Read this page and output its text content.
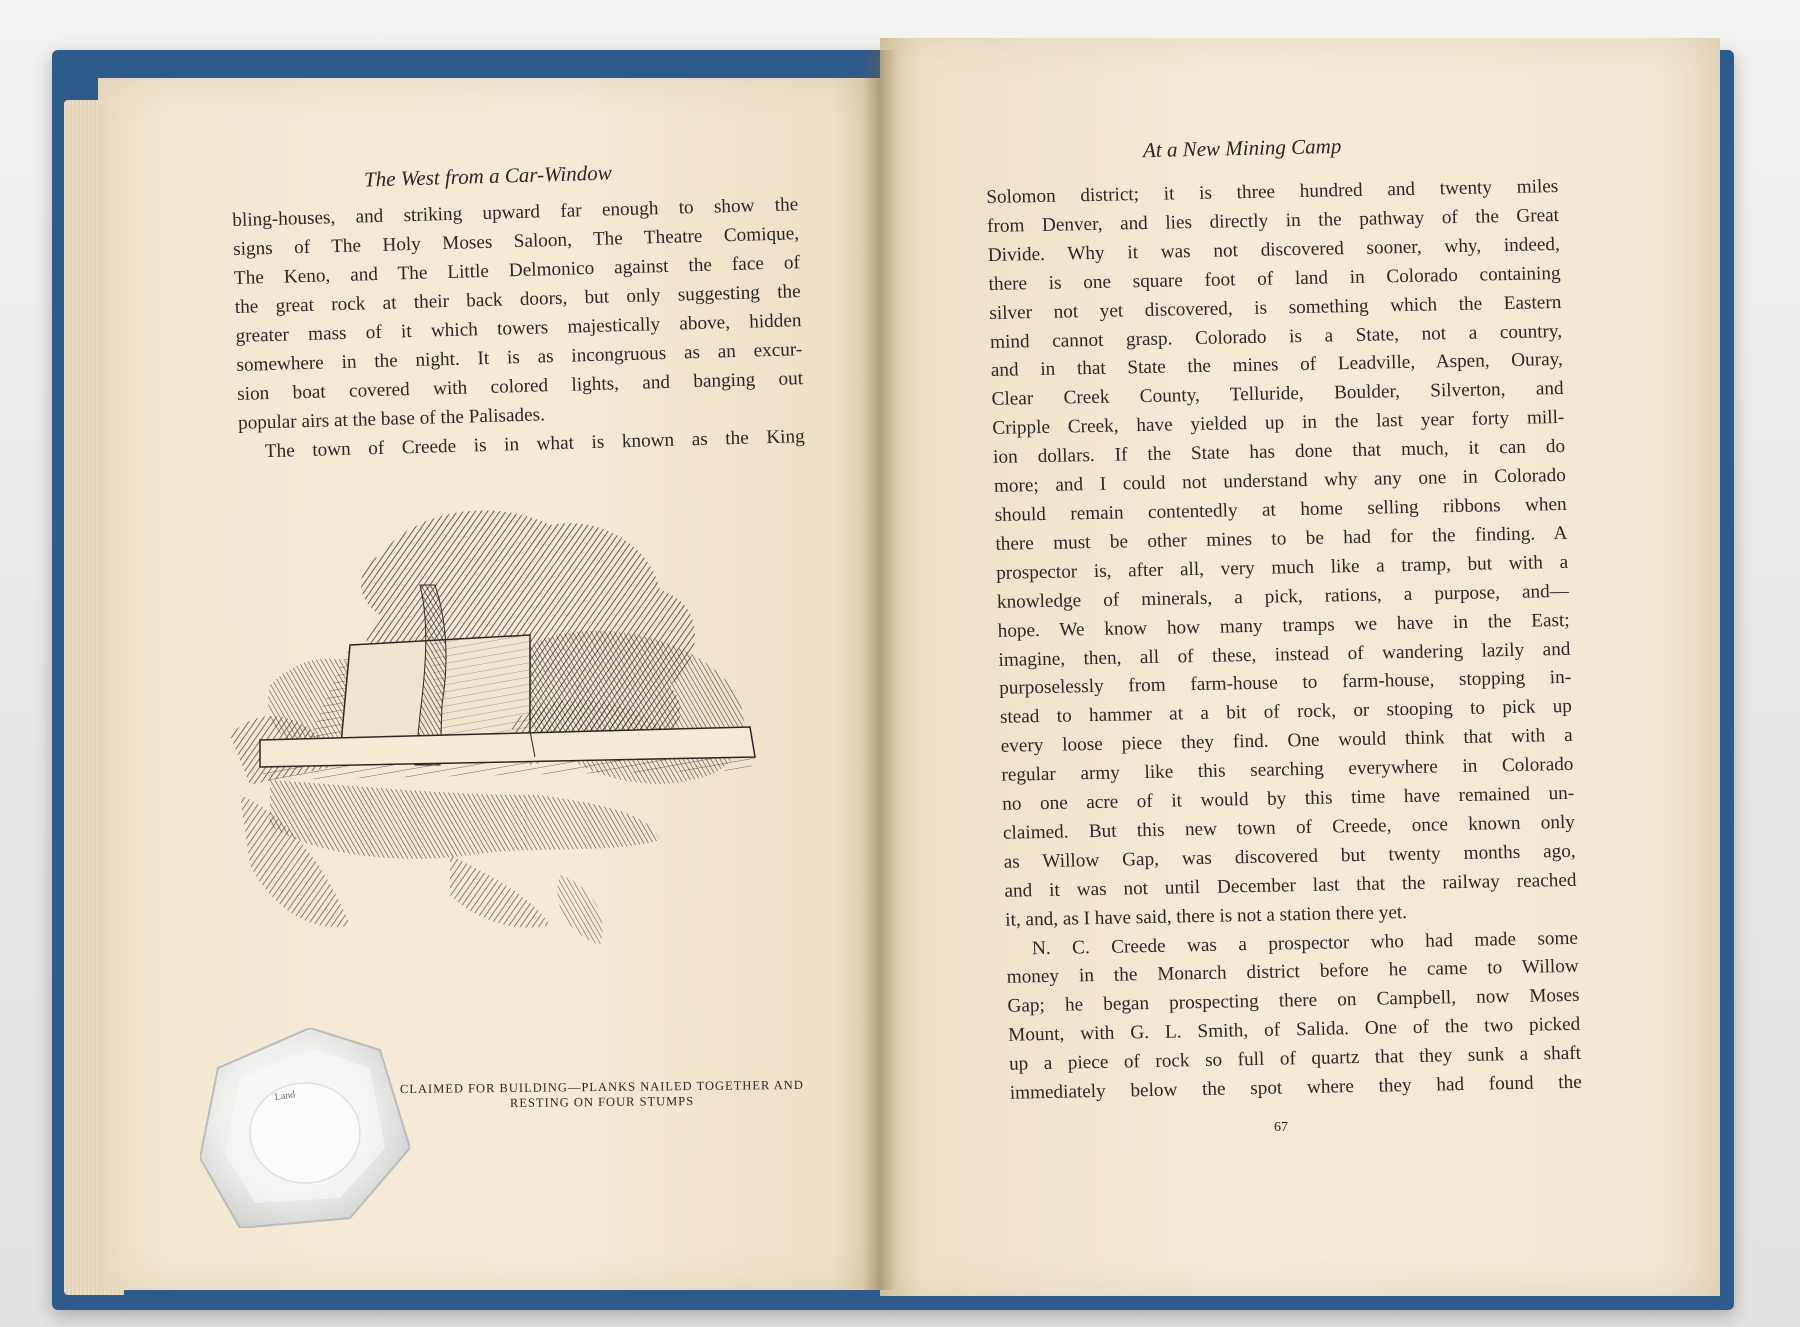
The West from a Car-Window
bling-houses, and striking upward far enough to show the
signs of The Holy Moses Saloon, The Theatre Comique,
The Keno, and The Little Delmonico against the face of
the great rock at their back doors, but only suggesting the
greater mass of it which towers majestically above, hidden
somewhere in the night. It is as incongruous as an excur-
sion boat covered with colored lights, and banging out
popular airs at the base of the Palisades.
The town of Creede is in what is known as the King
CLAIMED FOR BUILDING—PLANKS NAILED TOGETHER AND
RESTING ON FOUR STUMPS
Land
At a New Mining Camp
Solomon district; it is three hundred and twenty miles
from Denver, and lies directly in the pathway of the Great
Divide. Why it was not discovered sooner, why, indeed,
there is one square foot of land in Colorado containing
silver not yet discovered, is something which the Eastern
mind cannot grasp. Colorado is a State, not a country,
and in that State the mines of Leadville, Aspen, Ouray,
Clear Creek County, Telluride, Boulder, Silverton, and
Cripple Creek, have yielded up in the last year forty mill-
ion dollars. If the State has done that much, it can do
more; and I could not understand why any one in Colorado
should remain contentedly at home selling ribbons when
there must be other mines to be had for the finding. A
prospector is, after all, very much like a tramp, but with a
knowledge of minerals, a pick, rations, a purpose, and—
hope. We know how many tramps we have in the East;
imagine, then, all of these, instead of wandering lazily and
purposelessly from farm-house to farm-house, stopping in-
stead to hammer at a bit of rock, or stooping to pick up
every loose piece they find. One would think that with a
regular army like this searching everywhere in Colorado
no one acre of it would by this time have remained un-
claimed. But this new town of Creede, once known only
as Willow Gap, was discovered but twenty months ago,
and it was not until December last that the railway reached
it, and, as I have said, there is not a station there yet.
N. C. Creede was a prospector who had made some
money in the Monarch district before he came to Willow
Gap; he began prospecting there on Campbell, now Moses
Mount, with G. L. Smith, of Salida. One of the two picked
up a piece of rock so full of quartz that they sunk a shaft
immediately below the spot where they had found the
67
